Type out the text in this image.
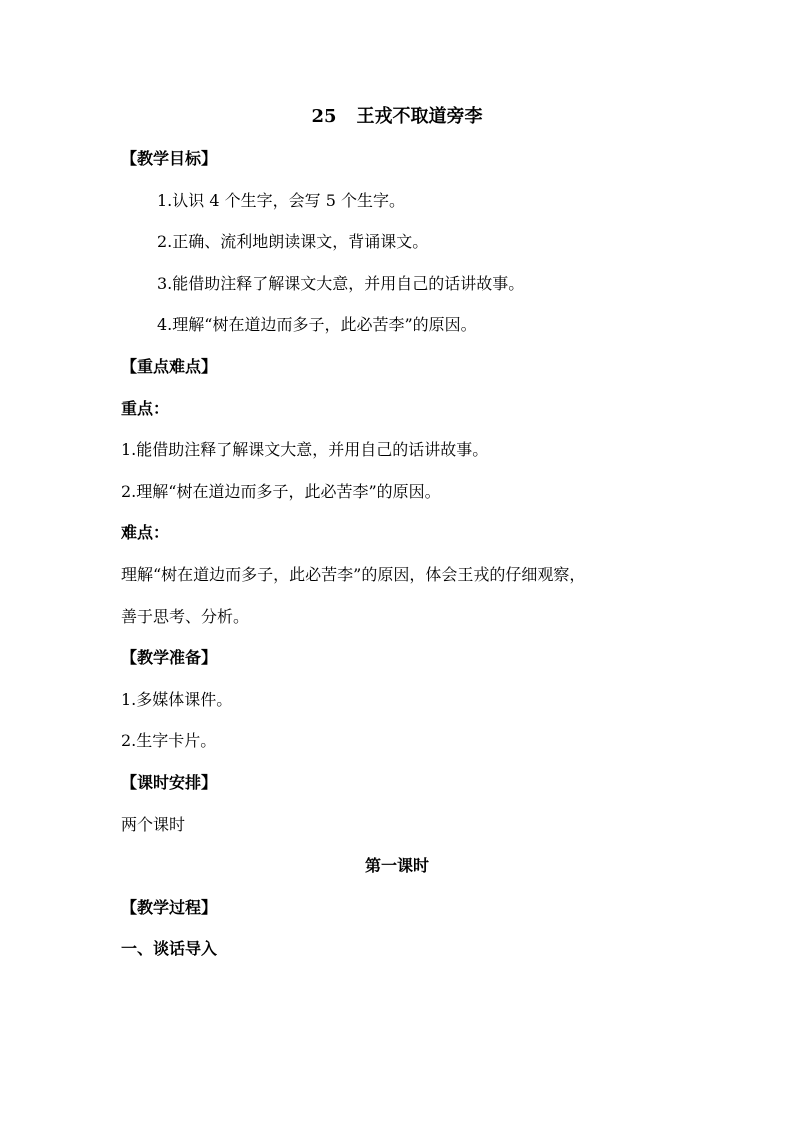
25 王戎不取道旁李
【教学目标】
1.认识 4 个生字，会写 5 个生字。
2.正确、流利地朗读课文，背诵课文。
3.能借助注释了解课文大意，并用自己的话讲故事。
4.理解“树在道边而多子，此必苦李”的原因。
【重点难点】
重点：
1.能借助注释了解课文大意，并用自己的话讲故事。
2.理解“树在道边而多子，此必苦李”的原因。
难点：
理解“树在道边而多子，此必苦李”的原因，体会王戎的仔细观察，
善于思考、分析。
【教学准备】
1.多媒体课件。
2.生字卡片。
【课时安排】
两个课时
第一课时
【教学过程】
一、谈话导入
